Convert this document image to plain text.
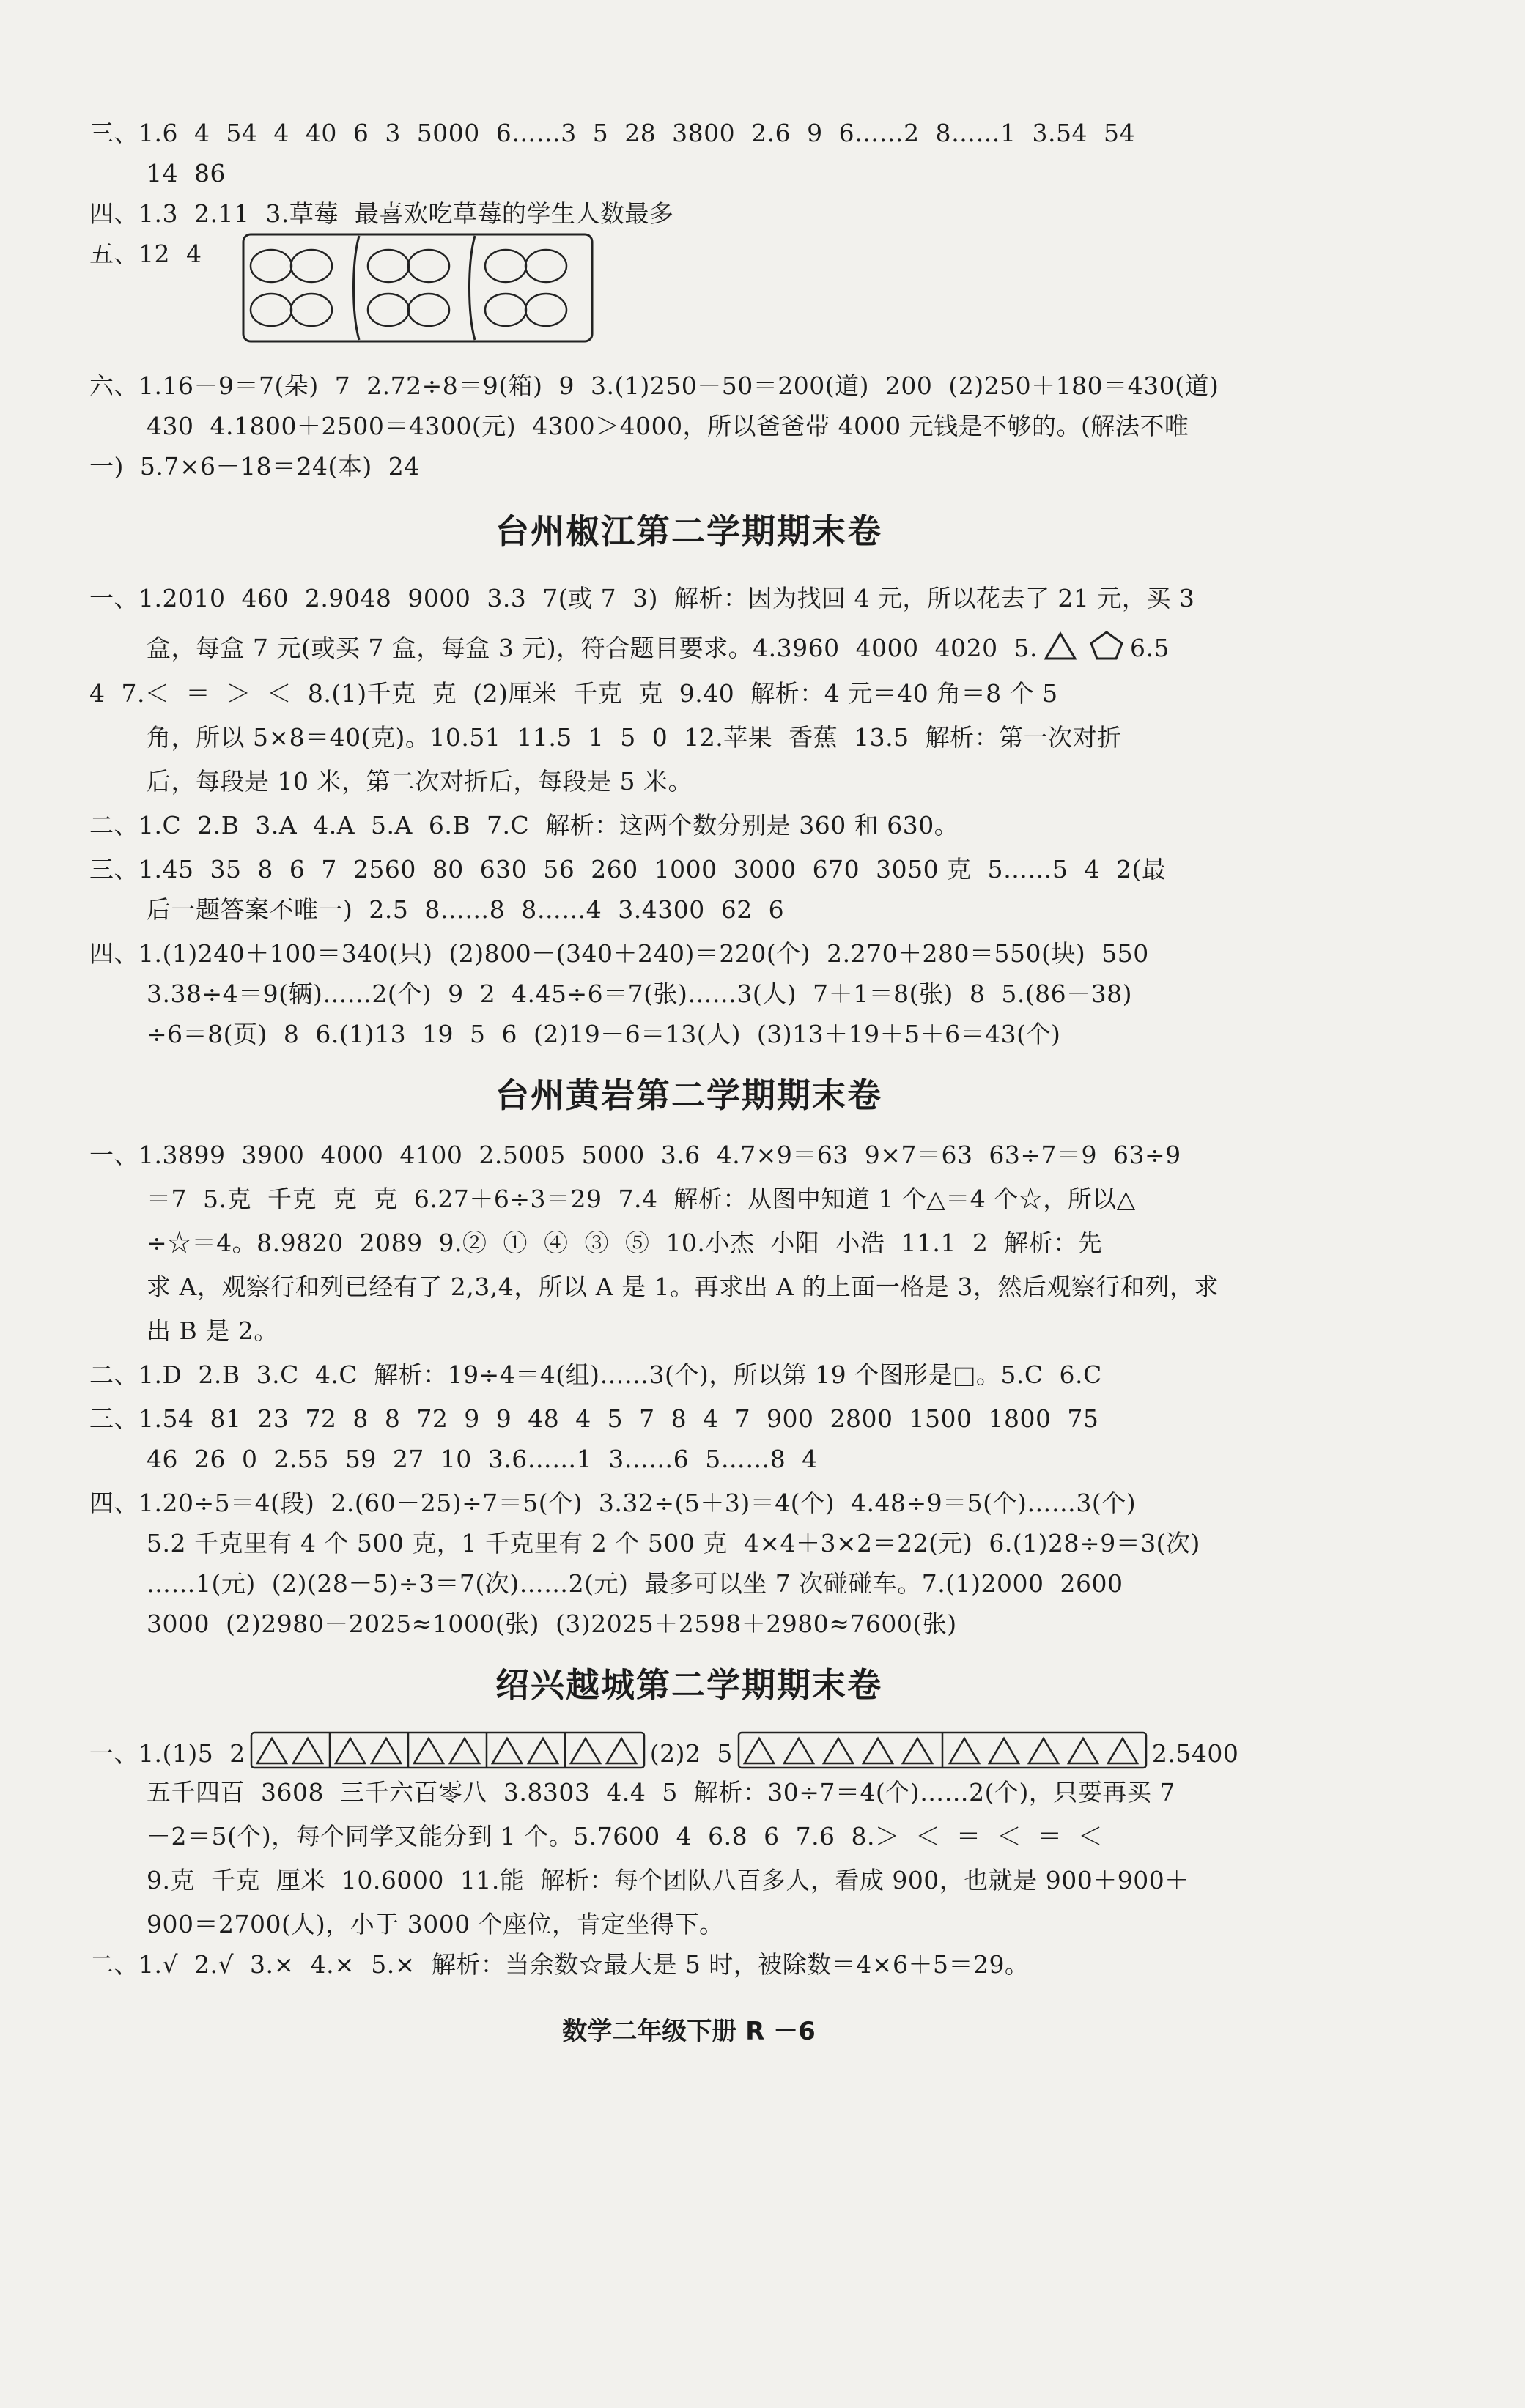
三、1.6  4  54  4  40  6  3  5000  6……3  5  28  3800  2.6  9  6……2  8……1  3.54  54
14  86
四、1.3  2.11  3.草莓  最喜欢吃草莓的学生人数最多
五、12  4
六、1.16－9＝7(朵)  7  2.72÷8＝9(箱)  9  3.(1)250－50＝200(道)  200  (2)250＋180＝430(道)
430  4.1800＋2500＝4300(元)  4300＞4000，所以爸爸带 4000 元钱是不够的。(解法不唯
一)  5.7×6－18＝24(本)  24
台州椒江第二学期期末卷
一、1.2010  460  2.9048  9000  3.3  7(或 7  3)  解析：因为找回 4 元，所以花去了 21 元，买 3
盒，每盒 7 元(或买 7 盒，每盒 3 元)，符合题目要求。4.3960  4000  4020  5.	6.5
4  7.＜  ＝  ＞  ＜  8.(1)千克  克  (2)厘米  千克  克  9.40  解析：4 元＝40 角＝8 个 5
角，所以 5×8＝40(克)。10.51  11.5  1  5  0  12.苹果  香蕉  13.5  解析：第一次对折
后，每段是 10 米，第二次对折后，每段是 5 米。
二、1.C  2.B  3.A  4.A  5.A  6.B  7.C  解析：这两个数分别是 360 和 630。
三、1.45  35  8  6  7  2560  80  630  56  260  1000  3000  670  3050 克  5……5  4  2(最
后一题答案不唯一)  2.5  8……8  8……4  3.4300  62  6
四、1.(1)240＋100＝340(只)  (2)800－(340＋240)＝220(个)  2.270＋280＝550(块)  550
3.38÷4＝9(辆)……2(个)  9  2  4.45÷6＝7(张)……3(人)  7＋1＝8(张)  8  5.(86－38)
÷6＝8(页)  8  6.(1)13  19  5  6  (2)19－6＝13(人)  (3)13＋19＋5＋6＝43(个)
台州黄岩第二学期期末卷
一、1.3899  3900  4000  4100  2.5005  5000  3.6  4.7×9＝63  9×7＝63  63÷7＝9  63÷9
＝7  5.克  千克  克  克  6.27＋6÷3＝29  7.4  解析：从图中知道 1 个△＝4 个☆，所以△
÷☆＝4。8.9820  2089  9.②  ①  ④  ③  ⑤  10.小杰  小阳  小浩  11.1  2  解析：先
求 A，观察行和列已经有了 2,3,4，所以 A 是 1。再求出 A 的上面一格是 3，然后观察行和列，求
出 B 是 2。
二、1.D  2.B  3.C  4.C  解析：19÷4＝4(组)……3(个)，所以第 19 个图形是□。5.C  6.C
三、1.54  81  23  72  8  8  72  9  9  48  4  5  7  8  4  7  900  2800  1500  1800  75
46  26  0  2.55  59  27  10  3.6……1  3……6  5……8  4
四、1.20÷5＝4(段)  2.(60－25)÷7＝5(个)  3.32÷(5＋3)＝4(个)  4.48÷9＝5(个)……3(个)
5.2 千克里有 4 个 500 克，1 千克里有 2 个 500 克  4×4＋3×2＝22(元)  6.(1)28÷9＝3(次)
……1(元)  (2)(28－5)÷3＝7(次)……2(元)  最多可以坐 7 次碰碰车。7.(1)2000  2600
3000  (2)2980－2025≈1000(张)  (3)2025＋2598＋2980≈7600(张)
绍兴越城第二学期期末卷
一、1.(1)5  2	(2)2  5	2.5400
五千四百  3608  三千六百零八  3.8303  4.4  5  解析：30÷7＝4(个)……2(个)，只要再买 7
－2＝5(个)，每个同学又能分到 1 个。5.7600  4  6.8  6  7.6  8.＞  ＜  ＝  ＜  ＝  ＜
9.克  千克  厘米  10.6000  11.能  解析：每个团队八百多人，看成 900，也就是 900＋900＋
900＝2700(人)，小于 3000 个座位，肯定坐得下。
二、1.√  2.√  3.×  4.×  5.×  解析：当余数☆最大是 5 时，被除数＝4×6＋5＝29。
数学二年级下册 R －6
